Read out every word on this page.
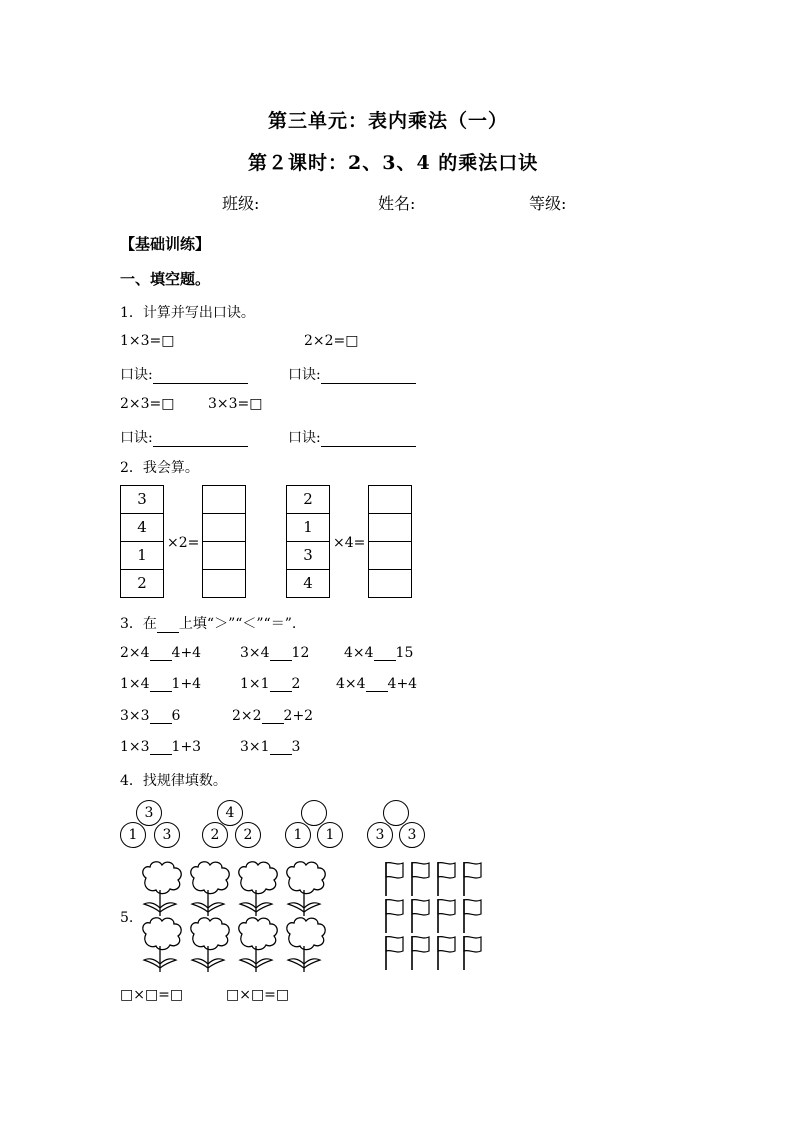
第三单元：表内乘法（一）
第２课时：2、3、4 的乘法口诀
班级:	姓名:	等级:
【基础训练】
一、填空题。
1．计算并写出口诀。
1×3=□	2×2=□
口诀:	口诀:
2×3=□ 3×3=□
口诀:	口诀:
2．我会算。
3
4
1
2
×2=
2
1
3
4
×4=
3．在 上填“＞”“＜”“＝”.
2×4 4+4	3×4 12 4×4 15
1×4 1+4	1×1 2	4×4 4+4
3×3 6	2×2 2+2
1×3 1+3	3×1 3
4．找规律填数。
3
1	3
4
2	2	1	1	3	3
5.
□×□=□	□×□=□
